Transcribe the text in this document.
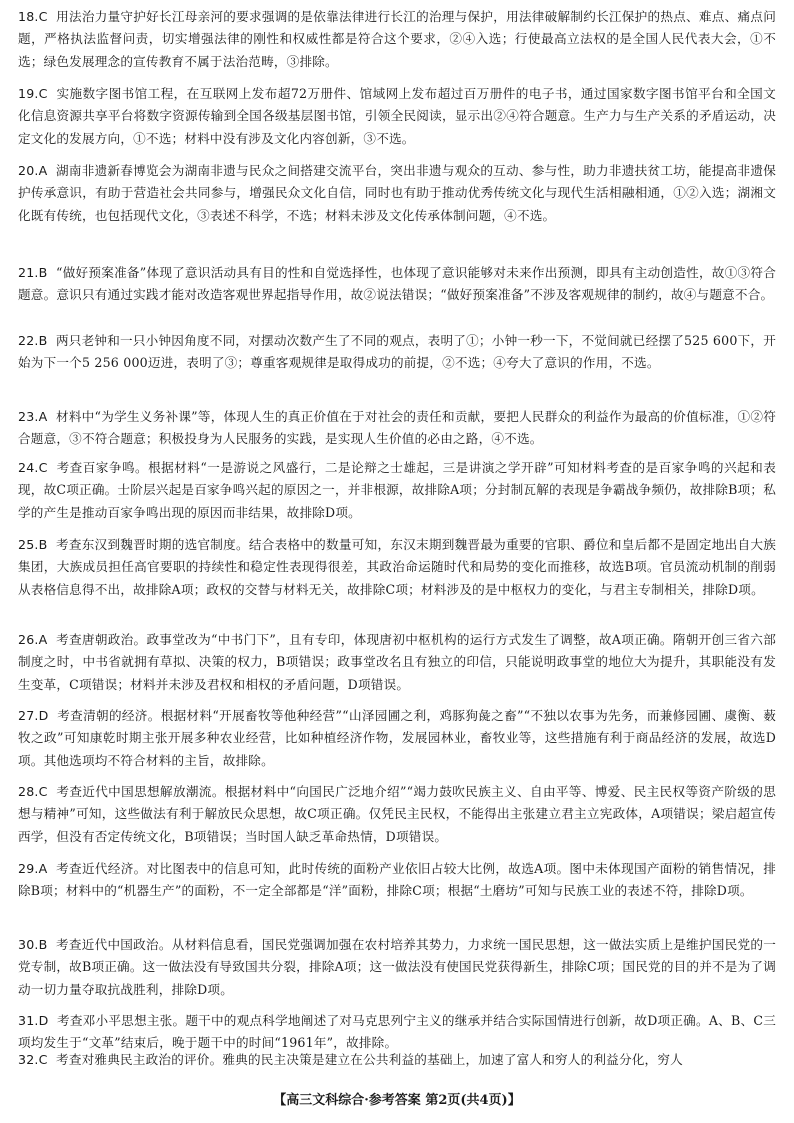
18.C 用法治力量守护好长江母亲河的要求强调的是依靠法律进行长江的治理与保护，用法律破解制约长江保护的热点、难点、痛点问题，严格执法监督问责，切实增强法律的刚性和权威性都是符合这个要求，②④入选；行使最高立法权的是全国人民代表大会，①不选；绿色发展理念的宣传教育不属于法治范畴，③排除。

19.C 实施数字图书馆工程，在互联网上发布超72万册件、馆域网上发布超过百万册件的电子书，通过国家数字图书馆平台和全国文化信息资源共享平台将数字资源传输到全国各级基层图书馆，引领全民阅读，显示出②④符合题意。生产力与生产关系的矛盾运动，决定文化的发展方向，①不选；材料中没有涉及文化内容创新，③不选。

20.A 湖南非遗新春博览会为湖南非遗与民众之间搭建交流平台，突出非遗与观众的互动、参与性，助力非遗扶贫工坊，能提高非遗保护传承意识，有助于营造社会共同参与，增强民众文化自信，同时也有助于推动优秀传统文化与现代生活相融相通，①②入选；湖湘文化既有传统，也包括现代文化，③表述不科学，不选；材料未涉及文化传承体制问题，④不选。

21.B “做好预案准备”体现了意识活动具有目的性和自觉选择性，也体现了意识能够对未来作出预测，即具有主动创造性，故①③符合题意。意识只有通过实践才能对改造客观世界起指导作用，故②说法错误；“做好预案准备”不涉及客观规律的制约，故④与题意不合。

22.B 两只老钟和一只小钟因角度不同，对摆动次数产生了不同的观点，表明了①；小钟一秒一下，不觉间就已经摆了525 600下，开始为下一个5 256 000迈进，表明了③；尊重客观规律是取得成功的前提，②不选；④夸大了意识的作用，不选。

23.A 材料中“为学生义务补课”等，体现人生的真正价值在于对社会的责任和贡献，要把人民群众的利益作为最高的价值标准，①②符合题意，③不符合题意；积极投身为人民服务的实践，是实现人生价值的必由之路，④不选。

24.C 考查百家争鸣。根据材料“一是游说之风盛行，二是论辩之士雄起，三是讲演之学开辟”可知材料考查的是百家争鸣的兴起和表现，故C项正确。士阶层兴起是百家争鸣兴起的原因之一，并非根源，故排除A项；分封制瓦解的表现是争霸战争频仍，故排除B项；私学的产生是推动百家争鸣出现的原因而非结果，故排除D项。

25.B 考查东汉到魏晋时期的选官制度。结合表格中的数量可知，东汉末期到魏晋最为重要的官职、爵位和皇后都不是固定地出自大族集团，大族成员担任高官要职的持续性和稳定性表现得很差，其政治命运随时代和局势的变化而推移，故选B项。官员流动机制的削弱从表格信息得不出，故排除A项；政权的交替与材料无关，故排除C项；材料涉及的是中枢权力的变化，与君主专制相关，排除D项。

26.A 考查唐朝政治。政事堂改为“中书门下”，且有专印，体现唐初中枢机构的运行方式发生了调整，故A项正确。隋朝开创三省六部制度之时，中书省就拥有草拟、决策的权力，B项错误；政事堂改名且有独立的印信，只能说明政事堂的地位大为提升，其职能没有发生变革，C项错误；材料并未涉及君权和相权的矛盾问题，D项错误。

27.D 考查清朝的经济。根据材料“开展畜牧等他种经营”“山泽园圃之利，鸡豚狗彘之畜”“不独以农事为先务，而兼修园圃、虞衡、薮牧之政”可知康乾时期主张开展多种农业经营，比如种植经济作物，发展园林业，畜牧业等，这些措施有利于商品经济的发展，故选D项。其他选项均不符合材料的主旨，故排除。

28.C 考查近代中国思想解放潮流。根据材料中“向国民广泛地介绍”“竭力鼓吹民族主义、自由平等、博爱、民主民权等资产阶级的思想与精神”可知，这些做法有利于解放民众思想，故C项正确。仅凭民主民权，不能得出主张建立君主立宪政体，A项错误；梁启超宣传西学，但没有否定传统文化，B项错误；当时国人缺乏革命热情，D项错误。

29.A 考查近代经济。对比图表中的信息可知，此时传统的面粉产业依旧占较大比例，故选A项。图中未体现国产面粉的销售情况，排除B项；材料中的“机器生产”的面粉，不一定全部都是“洋”面粉，排除C项；根据“土磨坊”可知与民族工业的表述不符，排除D项。

30.B 考查近代中国政治。从材料信息看，国民党强调加强在农村培养其势力，力求统一国民思想，这一做法实质上是维护国民党的一党专制，故B项正确。这一做法没有导致国共分裂，排除A项；这一做法没有使国民党获得新生，排除C项；国民党的目的并不是为了调动一切力量夺取抗战胜利，排除D项。

31.D 考查邓小平思想主张。题干中的观点科学地阐述了对马克思列宁主义的继承并结合实际国情进行创新，故D项正确。A、B、C三项均发生于“文革”结束后，晚于题干中的时间“1961年”，故排除。

32.C 考查对雅典民主政治的评价。雅典的民主决策是建立在公共利益的基础上，加速了富人和穷人的利益分化，穷人

【高三文科综合·参考答案 第2页(共4页)】
